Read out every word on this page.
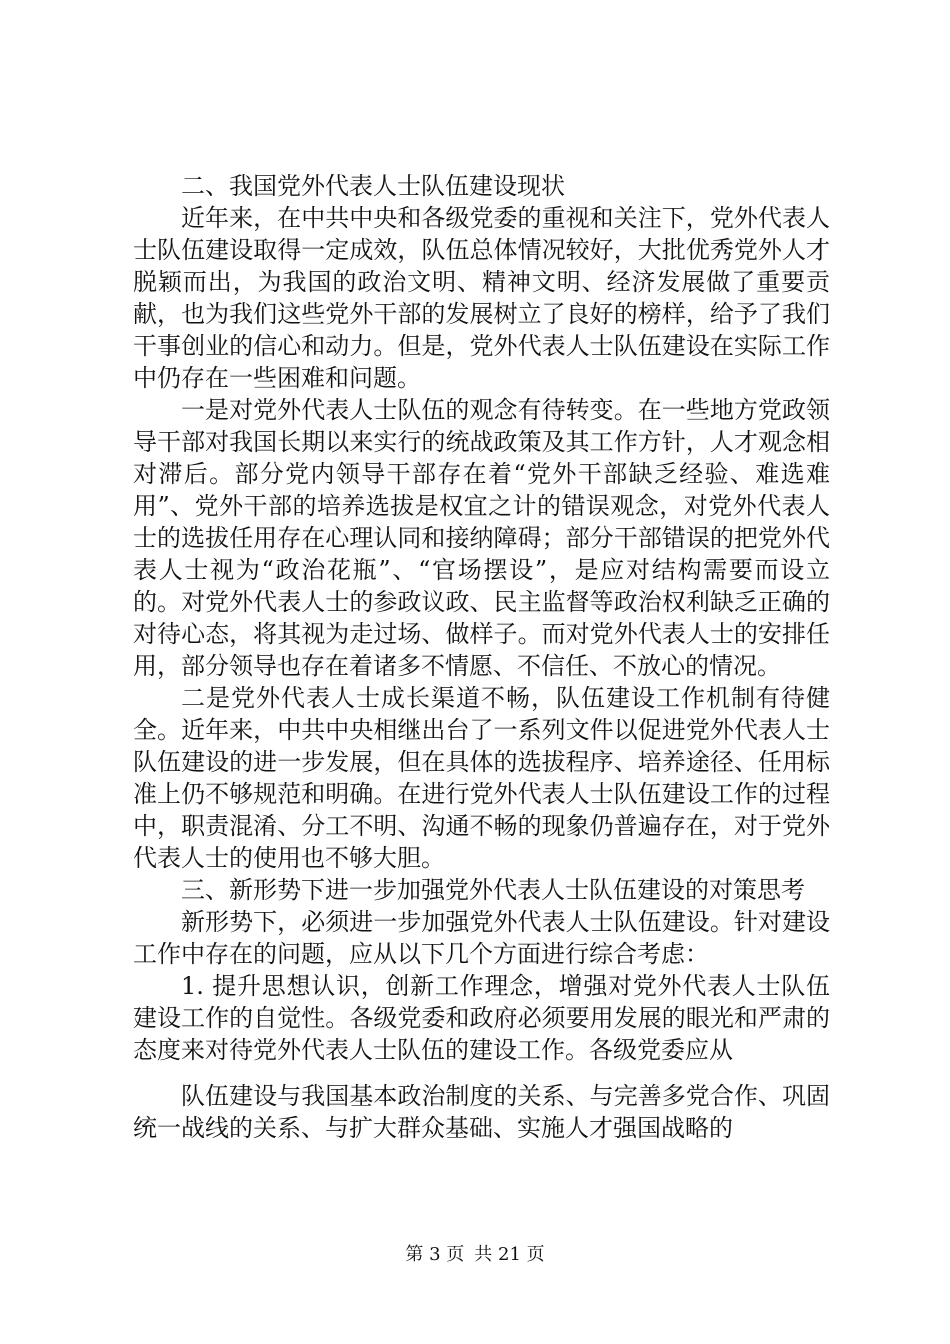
二、我国党外代表人士队伍建设现状

近年来，在中共中央和各级党委的重视和关注下，党外代表人士队伍建设取得一定成效，队伍总体情况较好，大批优秀党外人才脱颖而出，为我国的政治文明、精神文明、经济发展做了重要贡献，也为我们这些党外干部的发展树立了良好的榜样，给予了我们干事创业的信心和动力。但是，党外代表人士队伍建设在实际工作中仍存在一些困难和问题。

一是对党外代表人士队伍的观念有待转变。在一些地方党政领导干部对我国长期以来实行的统战政策及其工作方针，人才观念相对滞后。部分党内领导干部存在着“党外干部缺乏经验、难选难用”、党外干部的培养选拔是权宜之计的错误观念，对党外代表人士的选拔任用存在心理认同和接纳障碍；部分干部错误的把党外代表人士视为“政治花瓶”、“官场摆设”，是应对结构需要而设立的。对党外代表人士的参政议政、民主监督等政治权利缺乏正确的对待心态，将其视为走过场、做样子。而对党外代表人士的安排任用，部分领导也存在着诸多不情愿、不信任、不放心的情况。

二是党外代表人士成长渠道不畅，队伍建设工作机制有待健全。近年来，中共中央相继出台了一系列文件以促进党外代表人士队伍建设的进一步发展，但在具体的选拔程序、培养途径、任用标准上仍不够规范和明确。在进行党外代表人士队伍建设工作的过程中，职责混淆、分工不明、沟通不畅的现象仍普遍存在，对于党外代表人士的使用也不够大胆。

三、新形势下进一步加强党外代表人士队伍建设的对策思考

新形势下，必须进一步加强党外代表人士队伍建设。针对建设工作中存在的问题，应从以下几个方面进行综合考虑：

1. 提升思想认识，创新工作理念，增强对党外代表人士队伍建设工作的自觉性。各级党委和政府必须要用发展的眼光和严肃的态度来对待党外代表人士队伍的建设工作。各级党委应从

队伍建设与我国基本政治制度的关系、与完善多党合作、巩固统一战线的关系、与扩大群众基础、实施人才强国战略的

第 3 页 共 21 页
